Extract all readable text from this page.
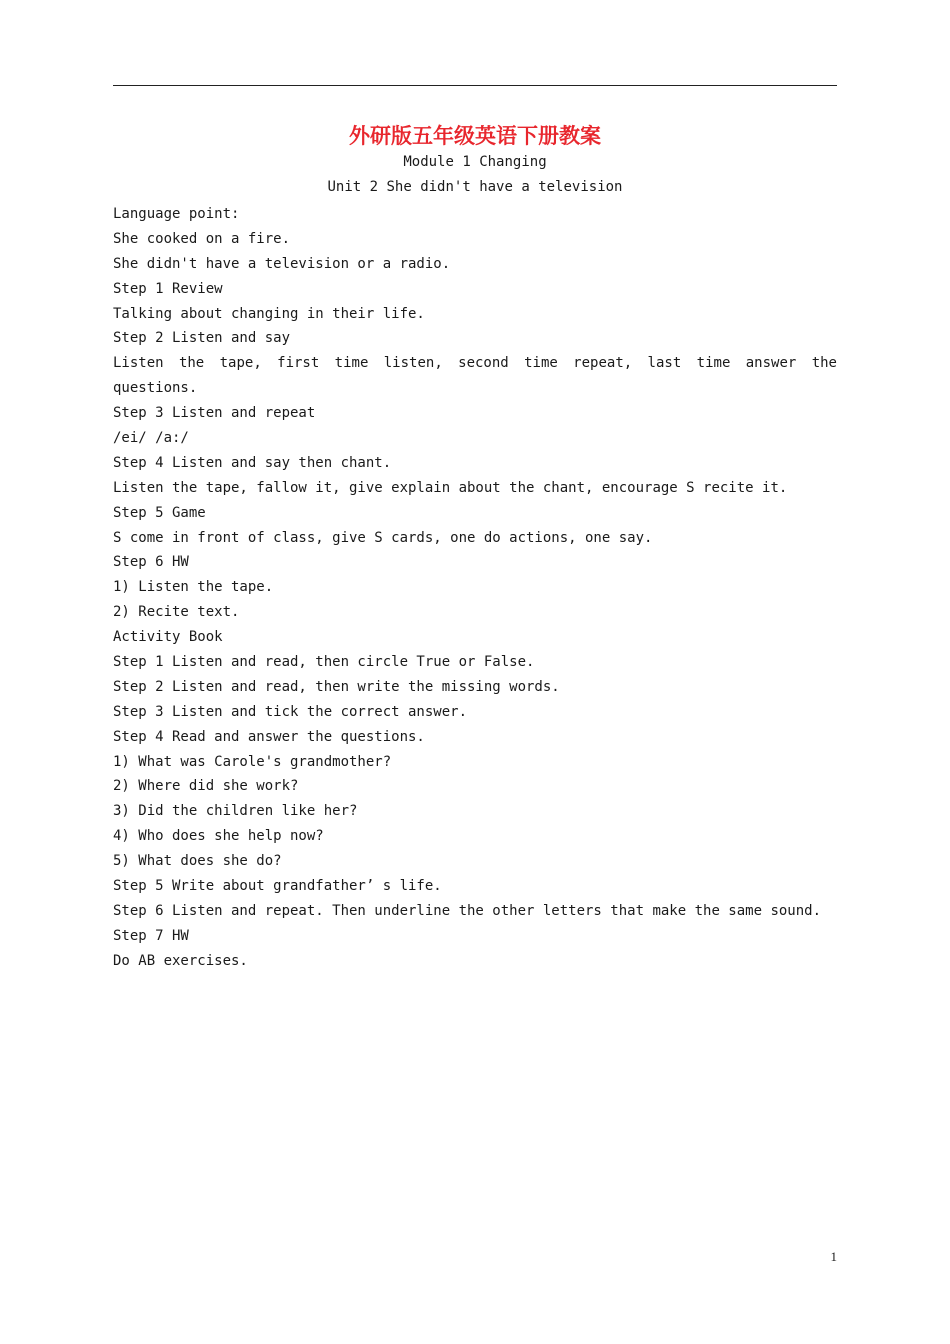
外研版五年级英语下册教案
Module 1 Changing
Unit 2 She didn't have a television
Language point:
She cooked on a fire.
She didn't have a television or a radio.
Step 1 Review
Talking about changing in their life.
Step 2 Listen and say
Listen the tape, first time listen, second time repeat, last time answer the
questions.
Step 3 Listen and repeat
/ei/ /a:/
Step 4 Listen and say then chant.
Listen the tape, fallow it, give explain about the chant, encourage S recite it.
Step 5 Game
S come in front of class, give S cards, one do actions, one say.
Step 6 HW
1) Listen the tape.
2) Recite text.
Activity Book
Step 1 Listen and read, then circle True or False.
Step 2 Listen and read, then write the missing words.
Step 3 Listen and tick the correct answer.
Step 4 Read and answer the questions.
1) What was Carole's grandmother?
2) Where did she work?
3) Did the children like her?
4) Who does she help now?
5) What does she do?
Step 5 Write about grandfather’ s life.
Step 6 Listen and repeat. Then underline the other letters that make the same sound.
Step 7 HW
Do AB exercises.
1
